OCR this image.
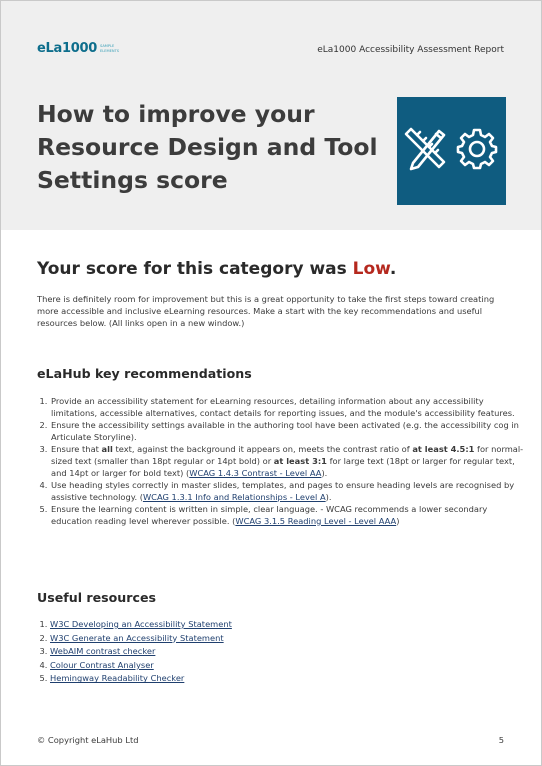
eLa1000 SAMPLE
ELEMENTS	eLa1000 Accessibility Assessment Report
How to improve your Resource Design and Tool Settings score
Your score for this category was Low.

There is definitely room for improvement but this is a great opportunity to take the first steps toward creating more accessible and inclusive eLearning resources. Make a start with the key recommendations and useful resources below. (All links open in a new window.)

eLaHub key recommendations
1. Provide an accessibility statement for eLearning resources, detailing information about any accessibility limitations, accessible alternatives, contact details for reporting issues, and the module's accessibility features.
2. Ensure the accessibility settings available in the authoring tool have been activated (e.g. the accessibility cog in Articulate Storyline).
3. Ensure that all text, against the background it appears on, meets the contrast ratio of at least 4.5:1 for normal-sized text (smaller than 18pt regular or 14pt bold) or at least 3:1 for large text (18pt or larger for regular text, and 14pt or larger for bold text) (WCAG 1.4.3 Contrast - Level AA).
4. Use heading styles correctly in master slides, templates, and pages to ensure heading levels are recognised by assistive technology. (WCAG 1.3.1 Info and Relationships - Level A).
5. Ensure the learning content is written in simple, clear language. - WCAG recommends a lower secondary education reading level wherever possible. (WCAG 3.1.5 Reading Level - Level AAA)
Useful resources
1. W3C Developing an Accessibility Statement
2. W3C Generate an Accessibility Statement
3. WebAIM contrast checker
4. Colour Contrast Analyser
5. Hemingway Readability Checker
© Copyright eLaHub Ltd	5
